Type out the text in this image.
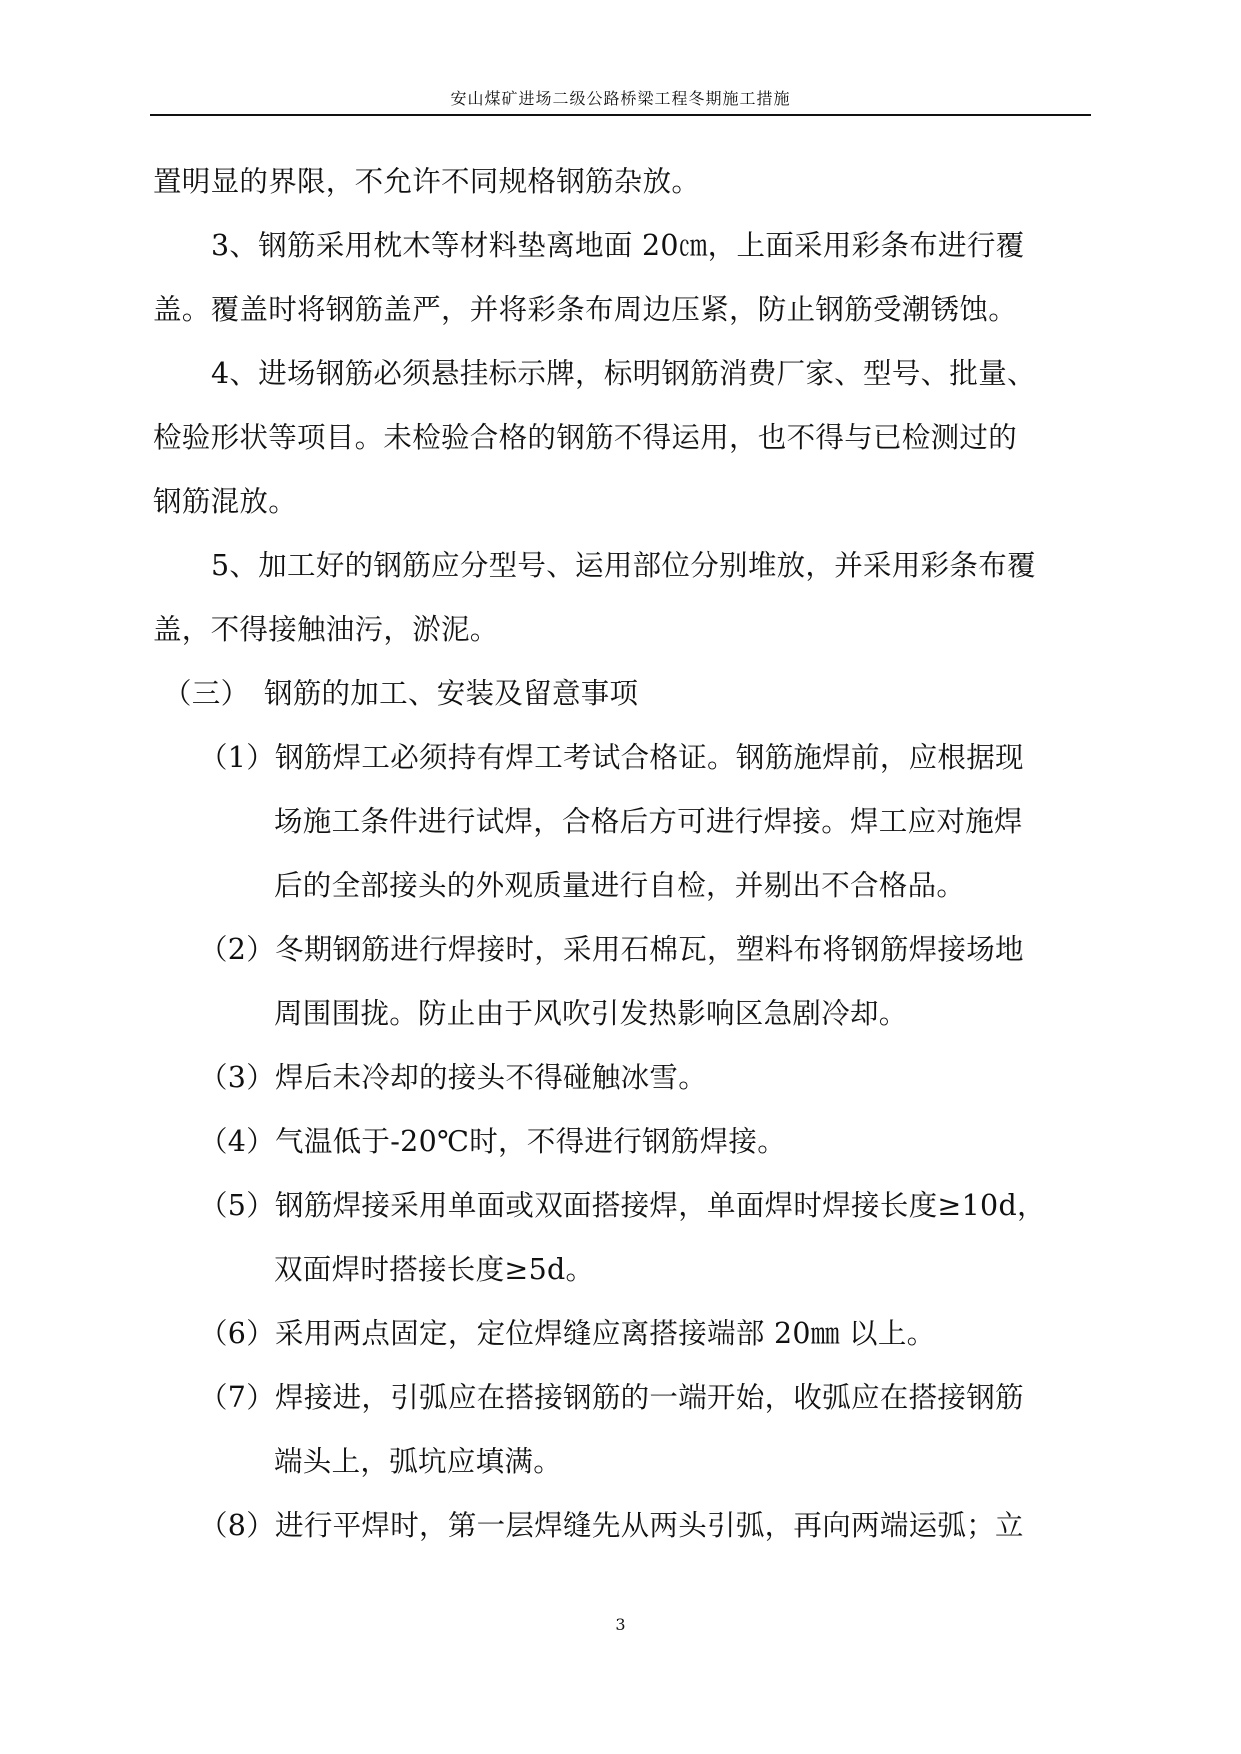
安山煤矿进场二级公路桥梁工程冬期施工措施
置明显的界限，不允许不同规格钢筋杂放。
3、钢筋采用枕木等材料垫离地面 20㎝，上面采用彩条布进行覆
盖。覆盖时将钢筋盖严，并将彩条布周边压紧，防止钢筋受潮锈蚀。
4、进场钢筋必须悬挂标示牌，标明钢筋消费厂家、型号、批量、
检验形状等项目。未检验合格的钢筋不得运用，也不得与已检测过的
钢筋混放。
5、加工好的钢筋应分型号、运用部位分别堆放，并采用彩条布覆
盖，不得接触油污，淤泥。
（三）　钢筋的加工、安装及留意事项
（1）钢筋焊工必须持有焊工考试合格证。钢筋施焊前，应根据现
场施工条件进行试焊，合格后方可进行焊接。焊工应对施焊
后的全部接头的外观质量进行自检，并剔出不合格品。
（2）冬期钢筋进行焊接时，采用石棉瓦，塑料布将钢筋焊接场地
周围围拢。防止由于风吹引发热影响区急剧冷却。
（3）焊后未冷却的接头不得碰触冰雪。
（4）气温低于-20℃时，不得进行钢筋焊接。
（5）钢筋焊接采用单面或双面搭接焊，单面焊时焊接长度≥10d，
双面焊时搭接长度≥5d。
（6）采用两点固定，定位焊缝应离搭接端部 20㎜ 以上。
（7）焊接进，引弧应在搭接钢筋的一端开始，收弧应在搭接钢筋
端头上，弧坑应填满。
（8）进行平焊时，第一层焊缝先从两头引弧，再向两端运弧；立
3
